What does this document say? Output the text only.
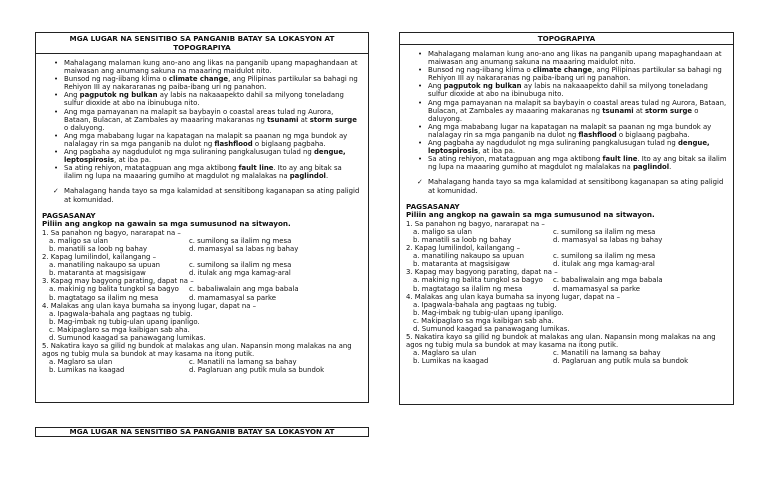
MGA LUGAR NA SENSITIBO SA PANGANIB BATAY SA LOKASYON AT
TOPOGRAPIYA
• Mahalagang malaman kung ano-ano ang likas na panganib upang mapaghandaan at maiwasan ang anumang sakuna na maaaring maidulot nito.
• Bunsod ng nag-iibang klima o climate change, ang Pilipinas partikular sa bahagi ng Rehiyon III ay nakararanas ng paiba-ibang uri ng panahon.
• Ang pagputok ng bulkan ay labis na nakaaapekto dahil sa milyong toneladang sulfur dioxide at abo na ibinubuga nito.
• Ang mga pamayanan na malapit sa baybayin o coastal areas tulad ng Aurora, Bataan, Bulacan, at Zambales ay maaaring makaranas ng tsunami at storm surge o daluyong.
• Ang mga mababang lugar na kapatagan na malapit sa paanan ng mga bundok ay nalalagay rin sa mga panganib na dulot ng flashflood o biglaang pagbaha.
• Ang pagbaha ay nagdudulot ng mga suliraning pangkalusugan tulad ng dengue, leptospirosis, at iba pa.
• Sa ating rehiyon, matatagpuan ang mga aktibong fault line. Ito ay ang bitak sa ilalim ng lupa na maaaring gumiho at magdulot ng malalakas na paglindol.
✓ Mahalagang handa tayo sa mga kalamidad at sensitibong kaganapan sa ating paligid at komunidad.
PAGSASANAY
Piliin ang angkop na gawain sa mga sumusunod na sitwayon.
1. Sa panahon ng bagyo, nararapat na –
a. maligo sa ulan	c. sumilong sa ilalim ng mesa
b. manatili sa loob ng bahay	d. mamasyal sa labas ng bahay
2. Kapag lumilindol, kailangang –
a. manatiling nakaupo sa upuan	c. sumilong sa ilalim ng mesa
b. mataranta at magsisigaw	d. itulak ang mga kamag-aral
3. Kapag may bagyong parating, dapat na –
a. makinig ng balita tungkol sa bagyo	c. babaliwalain ang mga babala
b. magtatago sa ilalim ng mesa	d. mamamasyal sa parke
4. Malakas ang ulan kaya bumaha sa inyong lugar, dapat na –
a. Ipagwala-bahala ang pagtaas ng tubig.
b. Mag-imbak ng tubig-ulan upang ipanligo.
c. Makipaglaro sa mga kaibigan sab aha.
d. Sumunod kaagad sa panawagang lumikas.
5. Nakatira kayo sa gilid ng bundok at malakas ang ulan. Napansin mong malakas na ang agos ng tubig mula sa bundok at may kasama na itong putik.
a. Maglaro sa ulan	c. Manatili na lamang sa bahay
b. Lumikas na kaagad	d. Paglaruan ang putik mula sa bundok
TOPOGRAPIYA
• Mahalagang malaman kung ano-ano ang likas na panganib upang mapaghandaan at maiwasan ang anumang sakuna na maaaring maidulot nito.
• Bunsod ng nag-iibang klima o climate change, ang Pilipinas partikular sa bahagi ng Rehiyon III ay nakararanas ng paiba-ibang uri ng panahon.
• Ang pagputok ng bulkan ay labis na nakaaapekto dahil sa milyong toneladang sulfur dioxide at abo na ibinubuga nito.
• Ang mga pamayanan na malapit sa baybayin o coastal areas tulad ng Aurora, Bataan, Bulacan, at Zambales ay maaaring makaranas ng tsunami at storm surge o daluyong.
• Ang mga mababang lugar na kapatagan na malapit sa paanan ng mga bundok ay nalalagay rin sa mga panganib na dulot ng flashflood o biglaang pagbaha.
• Ang pagbaha ay nagdudulot ng mga suliraning pangkalusugan tulad ng dengue, leptospirosis, at iba pa.
• Sa ating rehiyon, matatagpuan ang mga aktibong fault line. Ito ay ang bitak sa ilalim ng lupa na maaaring gumiho at magdulot ng malalakas na paglindol.
✓ Mahalagang handa tayo sa mga kalamidad at sensitibong kaganapan sa ating paligid at komunidad.
PAGSASANAY
Piliin ang angkop na gawain sa mga sumusunod na sitwayon.
1. Sa panahon ng bagyo, nararapat na –
a. maligo sa ulan	c. sumilong sa ilalim ng mesa
b. manatili sa loob ng bahay	d. mamasyal sa labas ng bahay
2. Kapag lumilindol, kailangang –
a. manatiling nakaupo sa upuan	c. sumilong sa ilalim ng mesa
b. mataranta at magsisigaw	d. itulak ang mga kamag-aral
3. Kapag may bagyong parating, dapat na –
a. makinig ng balita tungkol sa bagyo	c. babaliwalain ang mga babala
b. magtatago sa ilalim ng mesa	d. mamamasyal sa parke
4. Malakas ang ulan kaya bumaha sa inyong lugar, dapat na –
a. Ipagwala-bahala ang pagtaas ng tubig.
b. Mag-imbak ng tubig-ulan upang ipanligo.
c. Makipaglaro sa mga kaibigan sab aha.
d. Sumunod kaagad sa panawagang lumikas.
5. Nakatira kayo sa gilid ng bundok at malakas ang ulan. Napansin mong malakas na ang agos ng tubig mula sa bundok at may kasama na itong putik.
a. Maglaro sa ulan	c. Manatili na lamang sa bahay
b. Lumikas na kaagad	d. Paglaruan ang putik mula sa bundok
MGA LUGAR NA SENSITIBO SA PANGANIB BATAY SA LOKASYON AT
